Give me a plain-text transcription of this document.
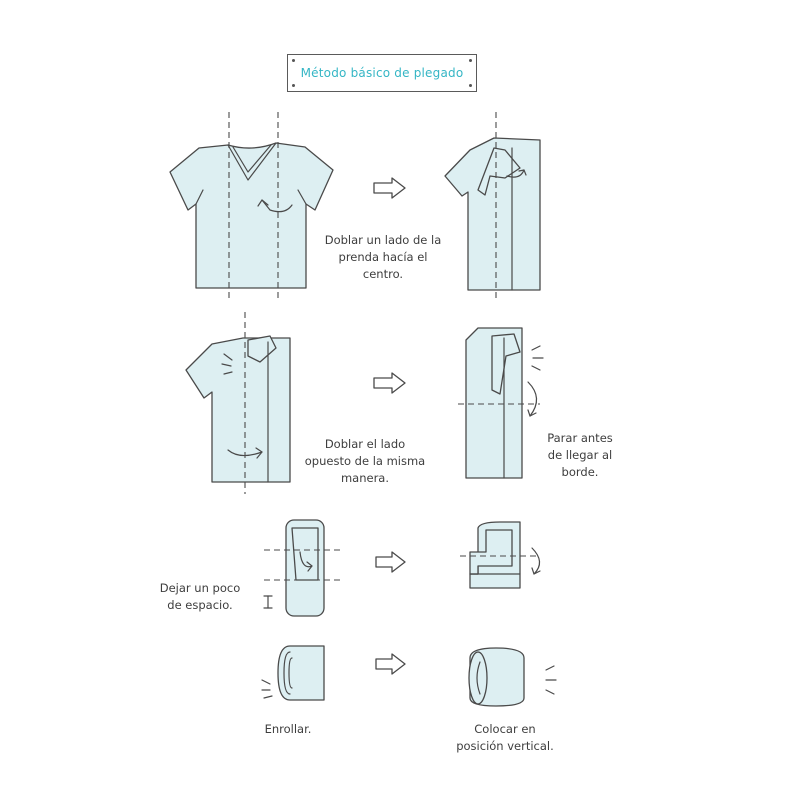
Método básico de plegado
Doblar un lado de la
prenda hacía el
centro.
Doblar el lado
opuesto de la misma
manera.
Parar antes
de llegar al
borde.
Dejar un poco
de espacio.
Enrollar.	Colocar en
posición vertical.
